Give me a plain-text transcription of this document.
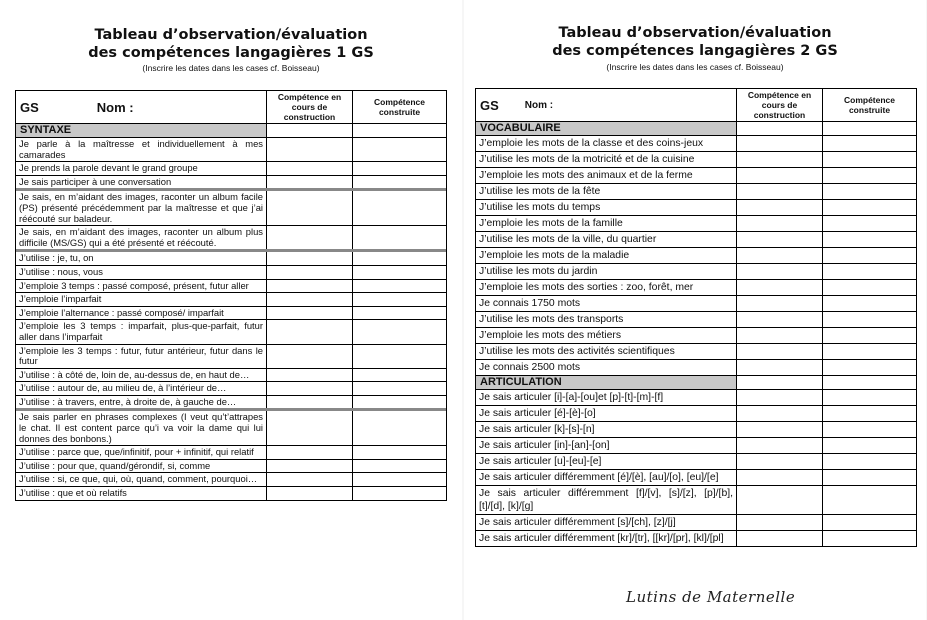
Tableau d’observation/évaluation
des compétences langagières 1 GS
(Inscrire les dates dans les cases cf. Boisseau)
GS	Nom :
Compétence en cours de construction
Compétence construite
SYNTAXE
Je parle à la maîtresse et individuellement à mes camarades
Je prends la parole devant le grand groupe
Je sais participer à une conversation
Je sais, en m’aidant des images, raconter un album facile (PS) présenté précédemment par la maîtresse et que j’ai réécouté sur baladeur.
Je sais, en m’aidant des images, raconter un album plus difficile (MS/GS) qui a été présenté et réécouté.
J’utilise : je, tu, on
J’utilise : nous, vous
J’emploie 3 temps : passé composé, présent, futur aller
J’emploie l’imparfait
J’emploie l’alternance : passé composé/ imparfait
J’emploie les 3 temps : imparfait, plus-que-parfait, futur aller dans l’imparfait
J’emploie les 3 temps : futur, futur antérieur, futur dans le futur
J’utilise : à côté de, loin de, au-dessus de, en haut de…
J’utilise : autour de, au milieu de, à l’intérieur de…
J’utilise : à travers, entre, à droite de, à gauche de…
Je sais parler en phrases complexes (I veut qu’t’attrapes le chat. Il est content parce qu’i va voir la dame qui lui donnes des bonbons.)
J’utilise : parce que, que/infinitif, pour + infinitif, qui relatif
J’utilise : pour que, quand/gérondif, si, comme
J’utilise : si, ce que, qui, où, quand, comment, pourquoi…
J’utilise : que et où relatifs
Tableau d’observation/évaluation
des compétences langagières 2 GS
(Inscrire les dates dans les cases cf. Boisseau)
GS	Nom :
Compétence en cours de construction
Compétence construite
VOCABULAIRE
J’emploie les mots de la classe et des coins-jeux
J’utilise les mots de la motricité et de la cuisine
J’emploie les mots des animaux et de la ferme
J’utilise les mots de la fête
J’utilise les mots du temps
J’emploie les mots de la famille
J’utilise les mots de la ville, du quartier
J’emploie les mots de la maladie
J’utilise les mots du jardin
J’emploie les mots des sorties : zoo, forêt, mer
Je connais 1750 mots
J’utilise les mots des transports
J’emploie les mots des métiers
J’utilise les mots des activités scientifiques
Je connais 2500 mots
ARTICULATION
Je sais articuler [i]-[a]-[ou]et [p]-[t]-[m]-[f]
Je sais articuler [é]-[è]-[o]
Je sais articuler [k]-[s]-[n]
Je sais articuler [in]-[an]-[on]
Je sais articuler [u]-[eu]-[e]
Je sais articuler différemment [é]/[è], [au]/[o], [eu]/[e]
Je sais articuler différemment [f]/[v], [s]/[z], [p]/[b], [t]/[d], [k]/[g]
Je sais articuler différemment [s]/[ch], [z]/[j]
Je sais articuler différemment [kr]/[tr], [[kr]/[pr], [kl]/[pl]
Lutins de Maternelle
